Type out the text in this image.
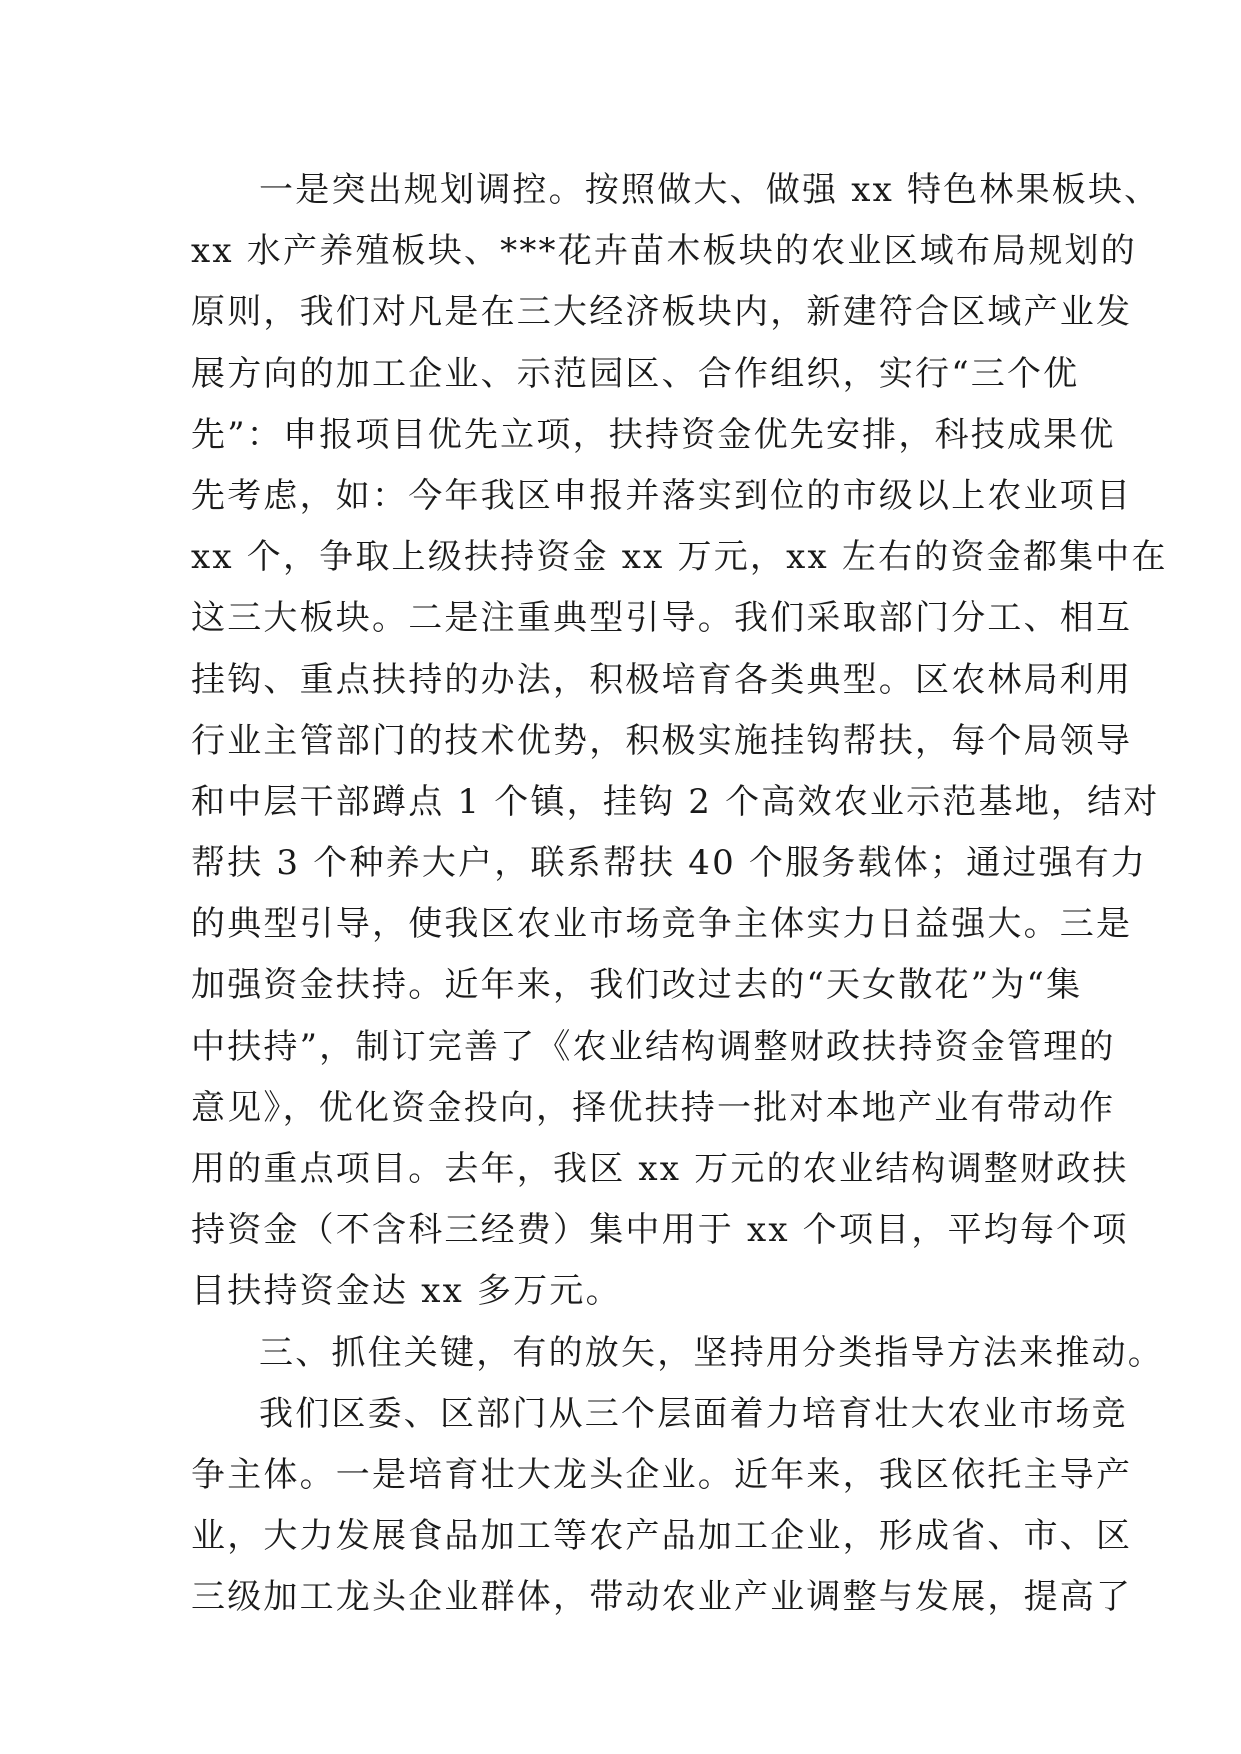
一是突出规划调控。按照做大、做强 xx 特色林果板块、
xx 水产养殖板块、***花卉苗木板块的农业区域布局规划的
原则，我们对凡是在三大经济板块内，新建符合区域产业发
展方向的加工企业、示范园区、合作组织，实行“三个优
先”：申报项目优先立项，扶持资金优先安排，科技成果优
先考虑，如：今年我区申报并落实到位的市级以上农业项目
xx 个，争取上级扶持资金 xx 万元，xx 左右的资金都集中在
这三大板块。二是注重典型引导。我们采取部门分工、相互
挂钩、重点扶持的办法，积极培育各类典型。区农林局利用
行业主管部门的技术优势，积极实施挂钩帮扶，每个局领导
和中层干部蹲点 1 个镇，挂钩 2 个高效农业示范基地，结对
帮扶 3 个种养大户，联系帮扶 40 个服务载体；通过强有力
的典型引导，使我区农业市场竞争主体实力日益强大。三是
加强资金扶持。近年来，我们改过去的“天女散花”为“集
中扶持”，制订完善了《农业结构调整财政扶持资金管理的
意见》，优化资金投向，择优扶持一批对本地产业有带动作
用的重点项目。去年，我区 xx 万元的农业结构调整财政扶
持资金（不含科三经费）集中用于 xx 个项目，平均每个项
目扶持资金达 xx 多万元。
三、抓住关键，有的放矢，坚持用分类指导方法来推动。
我们区委、区部门从三个层面着力培育壮大农业市场竞
争主体。一是培育壮大龙头企业。近年来，我区依托主导产
业，大力发展食品加工等农产品加工企业，形成省、市、区
三级加工龙头企业群体，带动农业产业调整与发展，提高了
